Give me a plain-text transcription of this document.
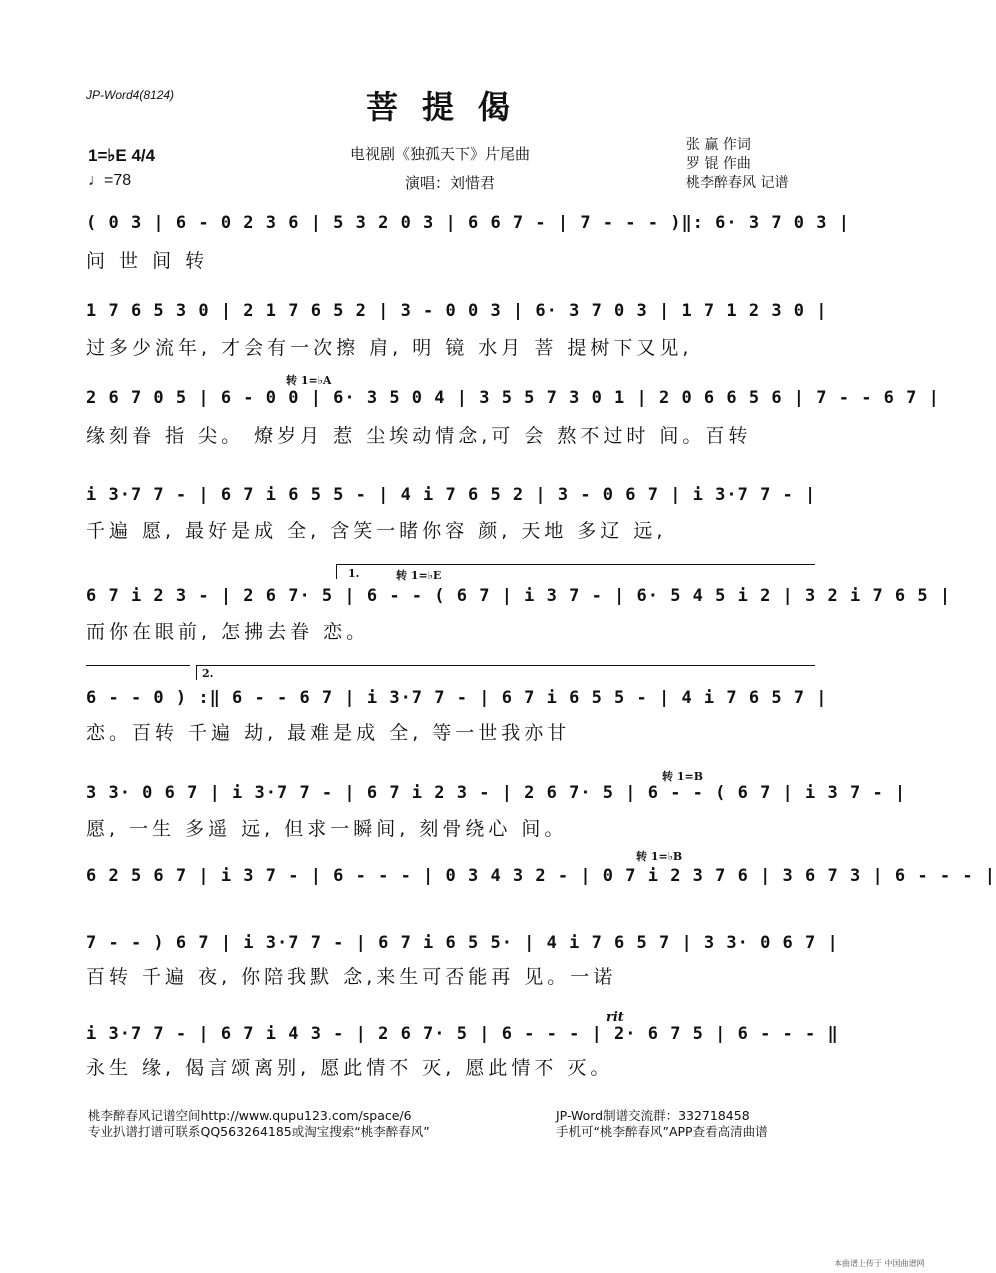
JP-Word4(8124)	菩提偈
电视剧《独孤天下》片尾曲
演唱：刘惜君
张 赢 作词
罗 锟 作曲
桃李醉春风 记谱
1=♭E 4/4
♩=78
转 1=♭A
转 1=♭E
1.
2.
转 1=B
转 1=♭B
rit
( 0 3 | 6 - 0 2 3 6 | 5 3 2 0 3 | 6 6 7 - | 7 - - - )‖: 6· 3 7 0 3 |
问 世 间 转
1 7 6 5 3 0 | 2 1 7 6 5 2 | 3 - 0 0 3 | 6· 3 7 0 3 | 1 7 1 2 3 0 |
过多少流年, 才会有一次擦 肩, 明 镜 水月 菩 提树下又见,
2 6 7 0 5 | 6 - 0 0 | 6· 3 5 0 4 | 3 5 5 7 3 0 1 | 2 0 6 6 5 6 | 7 - - 6 7 |
缘刻眷 指 尖。 燎岁月 惹 尘埃动情念,可 会 熬不过时 间。百转
i 3·7 7 - | 6 7 i 6 5 5 - | 4 i 7 6 5 2 | 3 - 0 6 7 | i 3·7 7 - |
千遍 愿, 最好是成 全, 含笑一睹你容 颜, 天地 多辽 远,
6 7 i 2 3 - | 2 6 7· 5 | 6 - - ( 6 7 | i 3 7 - | 6· 5 4 5 i 2 | 3 2 i 7 6 5 |
而你在眼前, 怎拂去眷 恋。
6 - - 0 ) :‖ 6 - - 6 7 | i 3·7 7 - | 6 7 i 6 5 5 - | 4 i 7 6 5 7 |
恋。百转 千遍 劫, 最难是成 全, 等一世我亦甘
3 3· 0 6 7 | i 3·7 7 - | 6 7 i 2 3 - | 2 6 7· 5 | 6 - - ( 6 7 | i 3 7 - |
愿, 一生 多遥 远, 但求一瞬间, 刻骨绕心 间。
6 2 5 6 7 | i 3 7 - | 6 - - - | 0 3 4 3 2 - | 0 7 i 2 3 7 6 | 3 6 7 3 | 6 - - - |
7 - - ) 6 7 | i 3·7 7 - | 6 7 i 6 5 5· | 4 i 7 6 5 7 | 3 3· 0 6 7 |
百转 千遍 夜, 你陪我默 念,来生可否能再 见。一诺
i 3·7 7 - | 6 7 i 4 3 - | 2 6 7· 5 | 6 - - - | 2· 6 7 5 | 6 - - - ‖
永生 缘, 偈言颂离别, 愿此情不 灭, 愿此情不 灭。
桃李醉春风记谱空间http://www.qupu123.com/space/6
专业扒谱打谱可联系QQ563264185或淘宝搜索“桃李醉春风”
JP-Word制谱交流群：332718458
手机可“桃李醉春风”APP查看高清曲谱
本曲谱上传于 中国曲谱网
